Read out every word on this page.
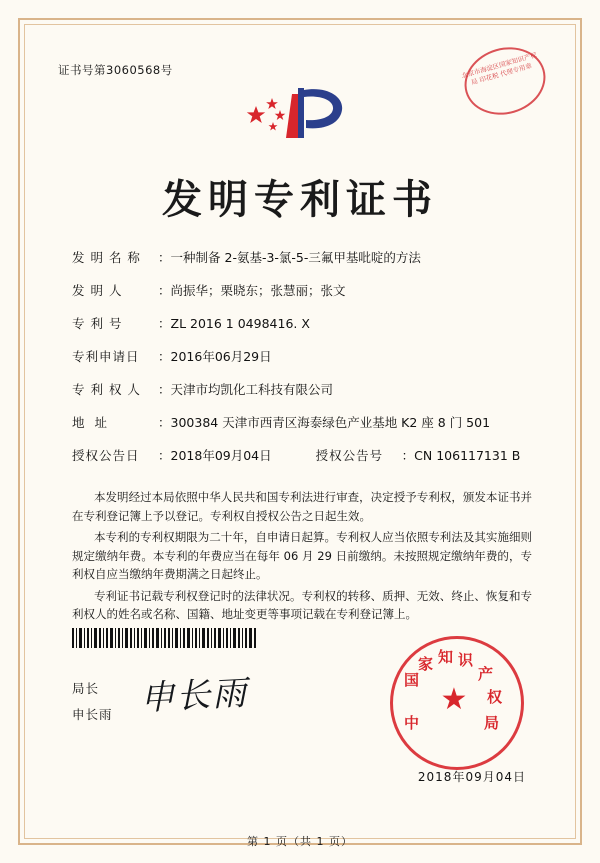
证书号第3060568号	北京市海淀区国家知识产权局 印花税 代理专用章
发明专利证书
发 明 名 称	： 一种制备 2-氨基-3-氯-5-三氟甲基吡啶的方法
发 明 人	： 尚振华；栗晓东；张慧丽；张文
专 利 号	： ZL 2016 1 0498416. X
专利申请日	： 2016年06月29日
专 利 权 人	： 天津市均凯化工科技有限公司
地 址	： 300384 天津市西青区海泰绿色产业基地 K2 座 8 门 501
授权公告日	： 2018年09月04日	授权公告号	： CN 106117131 B

本发明经过本局依照中华人民共和国专利法进行审查，决定授予专利权，颁发本证书并在专利登记簿上予以登记。专利权自授权公告之日起生效。

本专利的专利权期限为二十年，自申请日起算。专利权人应当依照专利法及其实施细则规定缴纳年费。本专利的年费应当在每年 06 月 29 日前缴纳。未按照规定缴纳年费的，专利权自应当缴纳年费期满之日起终止。

专利证书记载专利权登记时的法律状况。专利权的转移、质押、无效、终止、恢复和专利权人的姓名或名称、国籍、地址变更等事项记载在专利登记簿上。

局长
申长雨 申长雨	★
知
家
国
识
产
权
局
中
2018年09月04日
第 1 页（共 1 页）
